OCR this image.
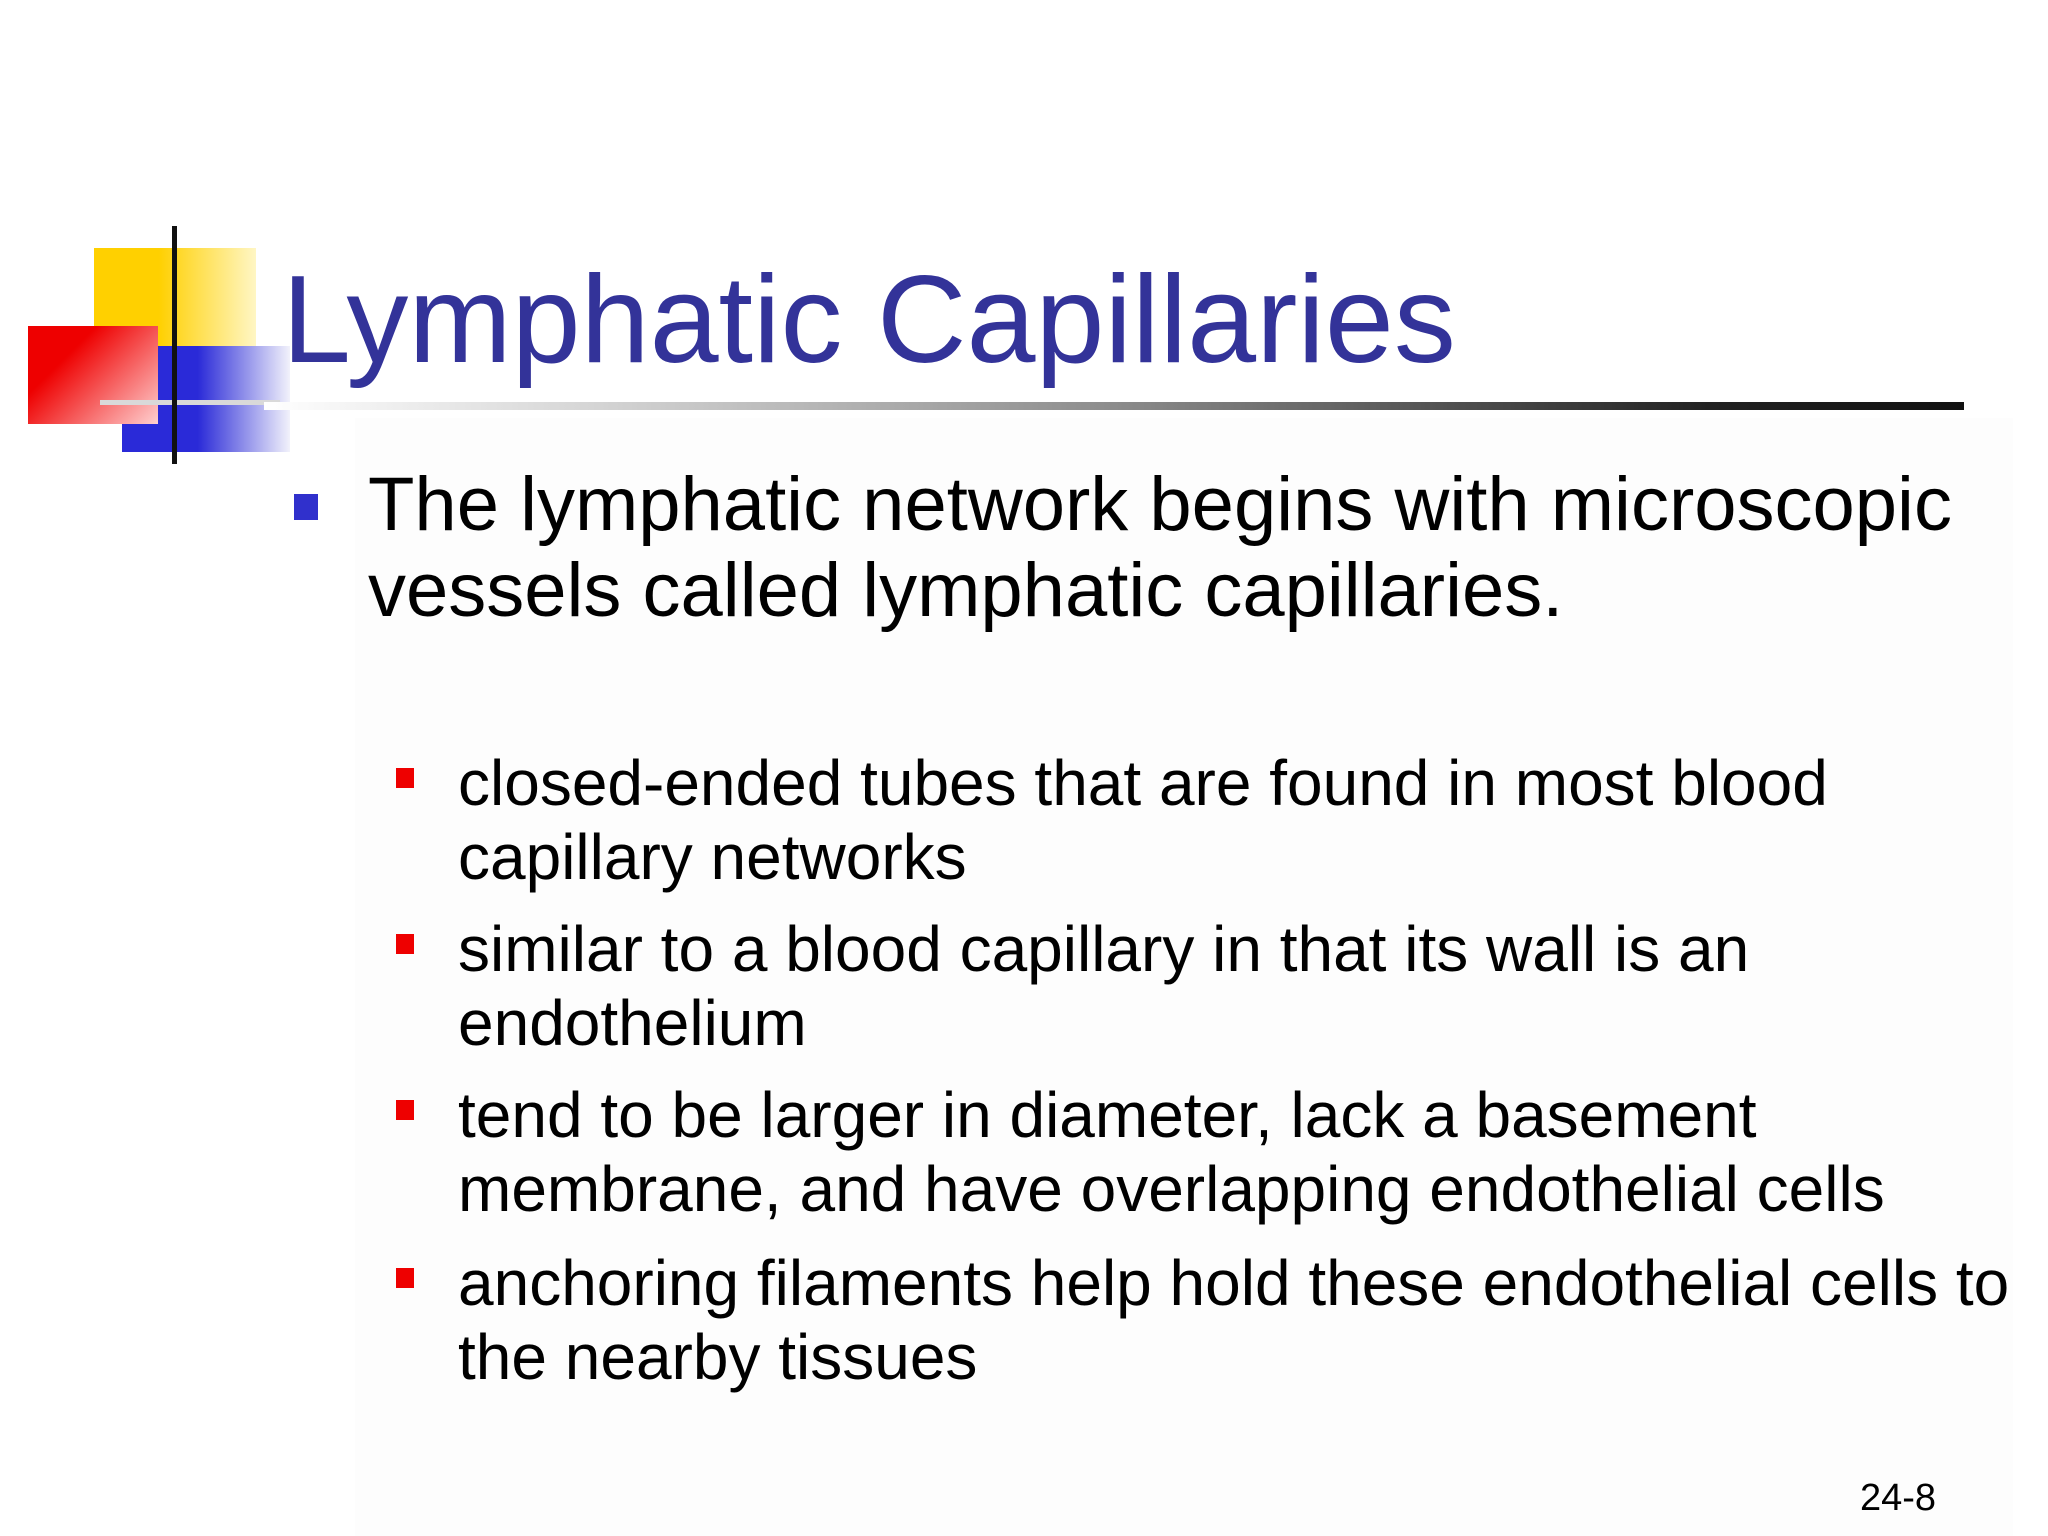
Lymphatic Capillaries
The lymphatic network begins with microscopic vessels called lymphatic capillaries.
closed-ended tubes that are found in most blood capillary networks
similar to a blood capillary in that its wall is an endothelium
tend to be larger in diameter, lack a basement membrane, and have overlapping endothelial cells
anchoring filaments help hold these endothelial cells to the nearby tissues
24-8
